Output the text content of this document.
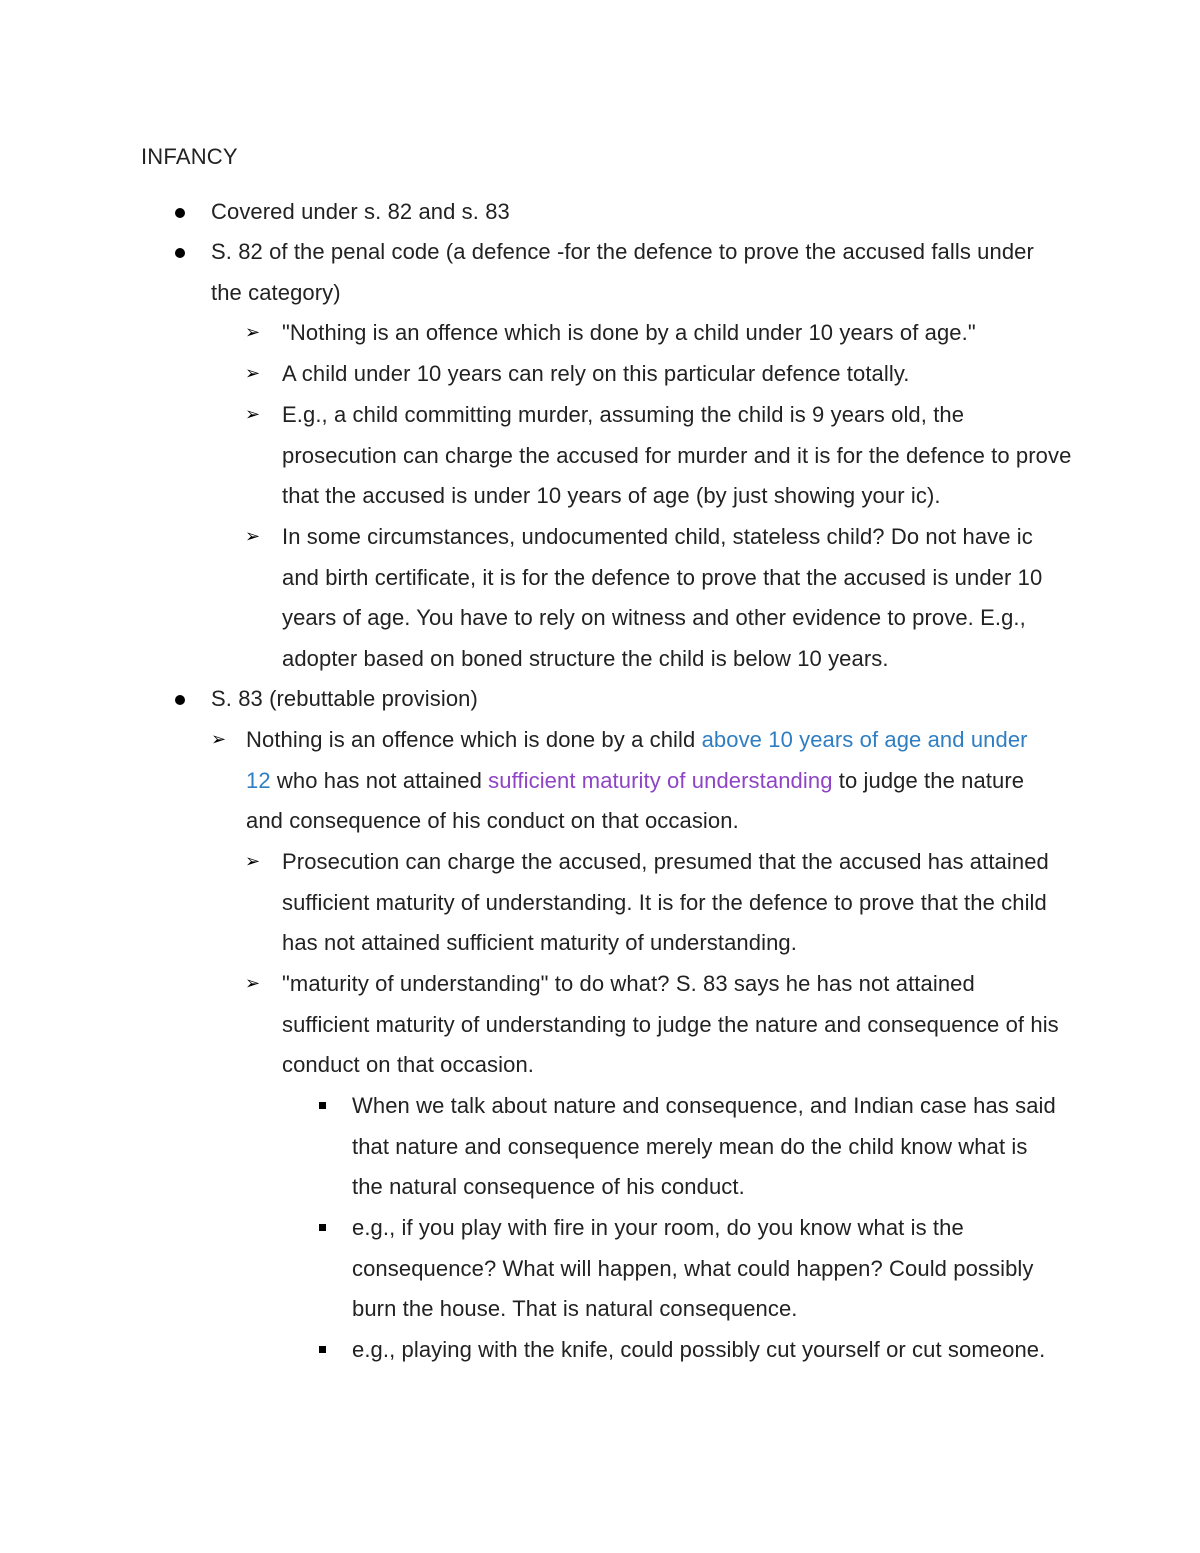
INFANCY
Covered under s. 82 and s. 83
S. 82 of the penal code (a defence -for the defence to prove the accused falls under the category)
➢ "Nothing is an offence which is done by a child under 10 years of age."
➢ A child under 10 years can rely on this particular defence totally.
➢ E.g., a child committing murder, assuming the child is 9 years old, the prosecution can charge the accused for murder and it is for the defence to prove that the accused is under 10 years of age (by just showing your ic).
➢ In some circumstances, undocumented child, stateless child? Do not have ic and birth certificate, it is for the defence to prove that the accused is under 10 years of age. You have to rely on witness and other evidence to prove. E.g., adopter based on boned structure the child is below 10 years.
S. 83 (rebuttable provision)
➢ Nothing is an offence which is done by a child above 10 years of age and under 12 who has not attained sufficient maturity of understanding to judge the nature and consequence of his conduct on that occasion.
➢ Prosecution can charge the accused, presumed that the accused has attained sufficient maturity of understanding. It is for the defence to prove that the child has not attained sufficient maturity of understanding.
➢ "maturity of understanding" to do what? S. 83 says he has not attained sufficient maturity of understanding to judge the nature and consequence of his conduct on that occasion.
When we talk about nature and consequence, and Indian case has said that nature and consequence merely mean do the child know what is the natural consequence of his conduct.
e.g., if you play with fire in your room, do you know what is the consequence? What will happen, what could happen? Could possibly burn the house. That is natural consequence.
e.g., playing with the knife, could possibly cut yourself or cut someone.
